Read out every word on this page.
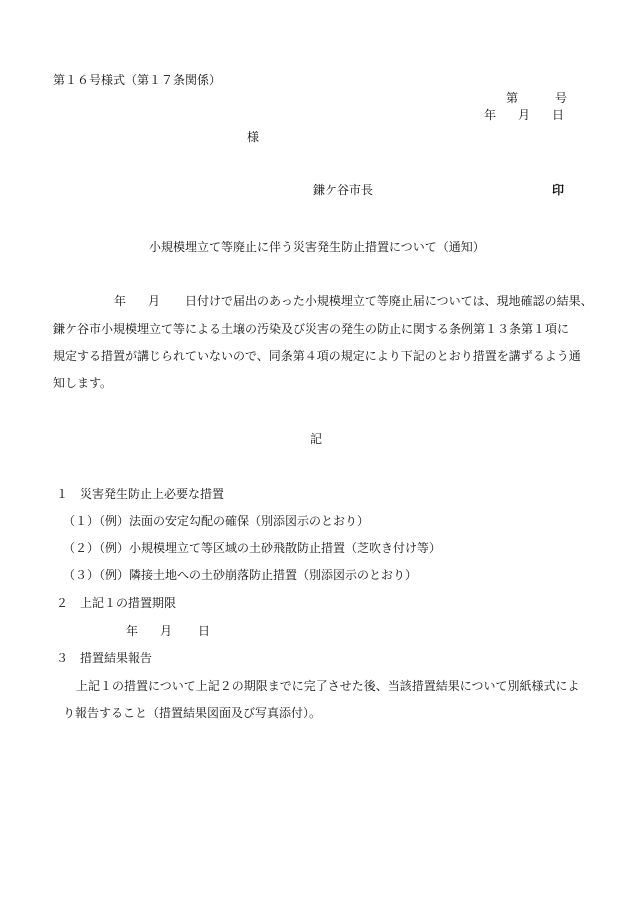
第１６号様式（第１７条関係）
第	号
年 月 日
様
鎌ケ谷市長	印
小規模埋立て等廃止に伴う災害発生防止措置について（通知）
年 月 日付けで届出のあった小規模埋立て等廃止届については、現地確認の結果、
鎌ケ谷市小規模埋立て等による土壌の汚染及び災害の発生の防止に関する条例第１３条第１項に
規定する措置が講じられていないので、同条第４項の規定により下記のとおり措置を講ずるよう通
知します。
記
１　災害発生防止上必要な措置
（１）（例）法面の安定勾配の確保（別添図示のとおり）
（２）（例）小規模埋立て等区域の土砂飛散防止措置（芝吹き付け等）
（３）（例）隣接土地への土砂崩落防止措置（別添図示のとおり）
２　上記１の措置期限
年 月 日
３　措置結果報告
上記１の措置について上記２の期限までに完了させた後、当該措置結果について別紙様式によ
り報告すること（措置結果図面及び写真添付）。
